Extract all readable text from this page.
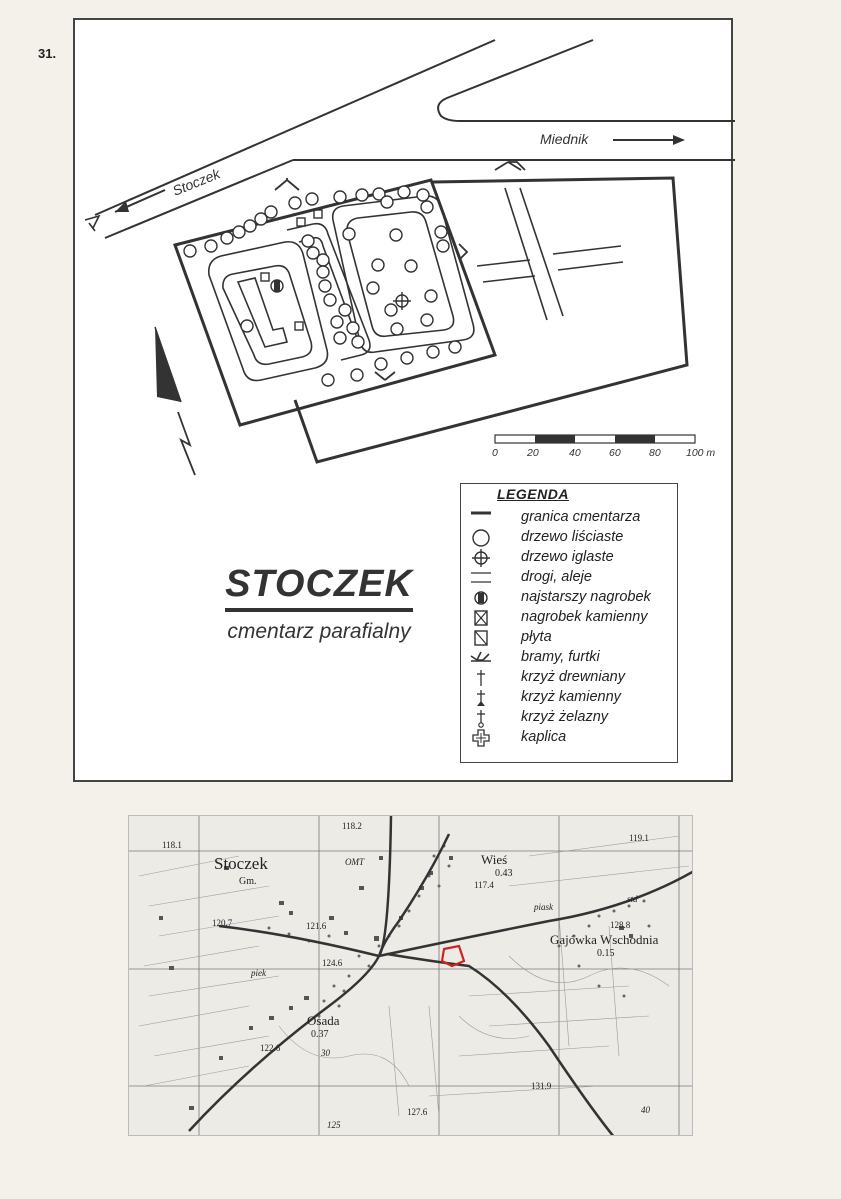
31.
Stoczek
Miednik
0	20	40	60	80 100 m
STOCZEK
cmentarz parafialny
LEGENDA
granica cmentarza
drzewo liściaste
drzewo iglaste
drogi, aleje
najstarszy nagrobek
nagrobek kamienny
płyta
bramy, furtki
krzyż drewniany
krzyż kamienny
krzyż żelazny
kaplica
Stoczek
Gm.
Wieś
0.43
117.4
Osada
0.37
Gajówka Wschodnia
0.15
118.2
118.1
119.1
120.7	121.6
124.6
122.6
128.8
131.9
127.6
piask
std
OMT
piek
30
40
125
